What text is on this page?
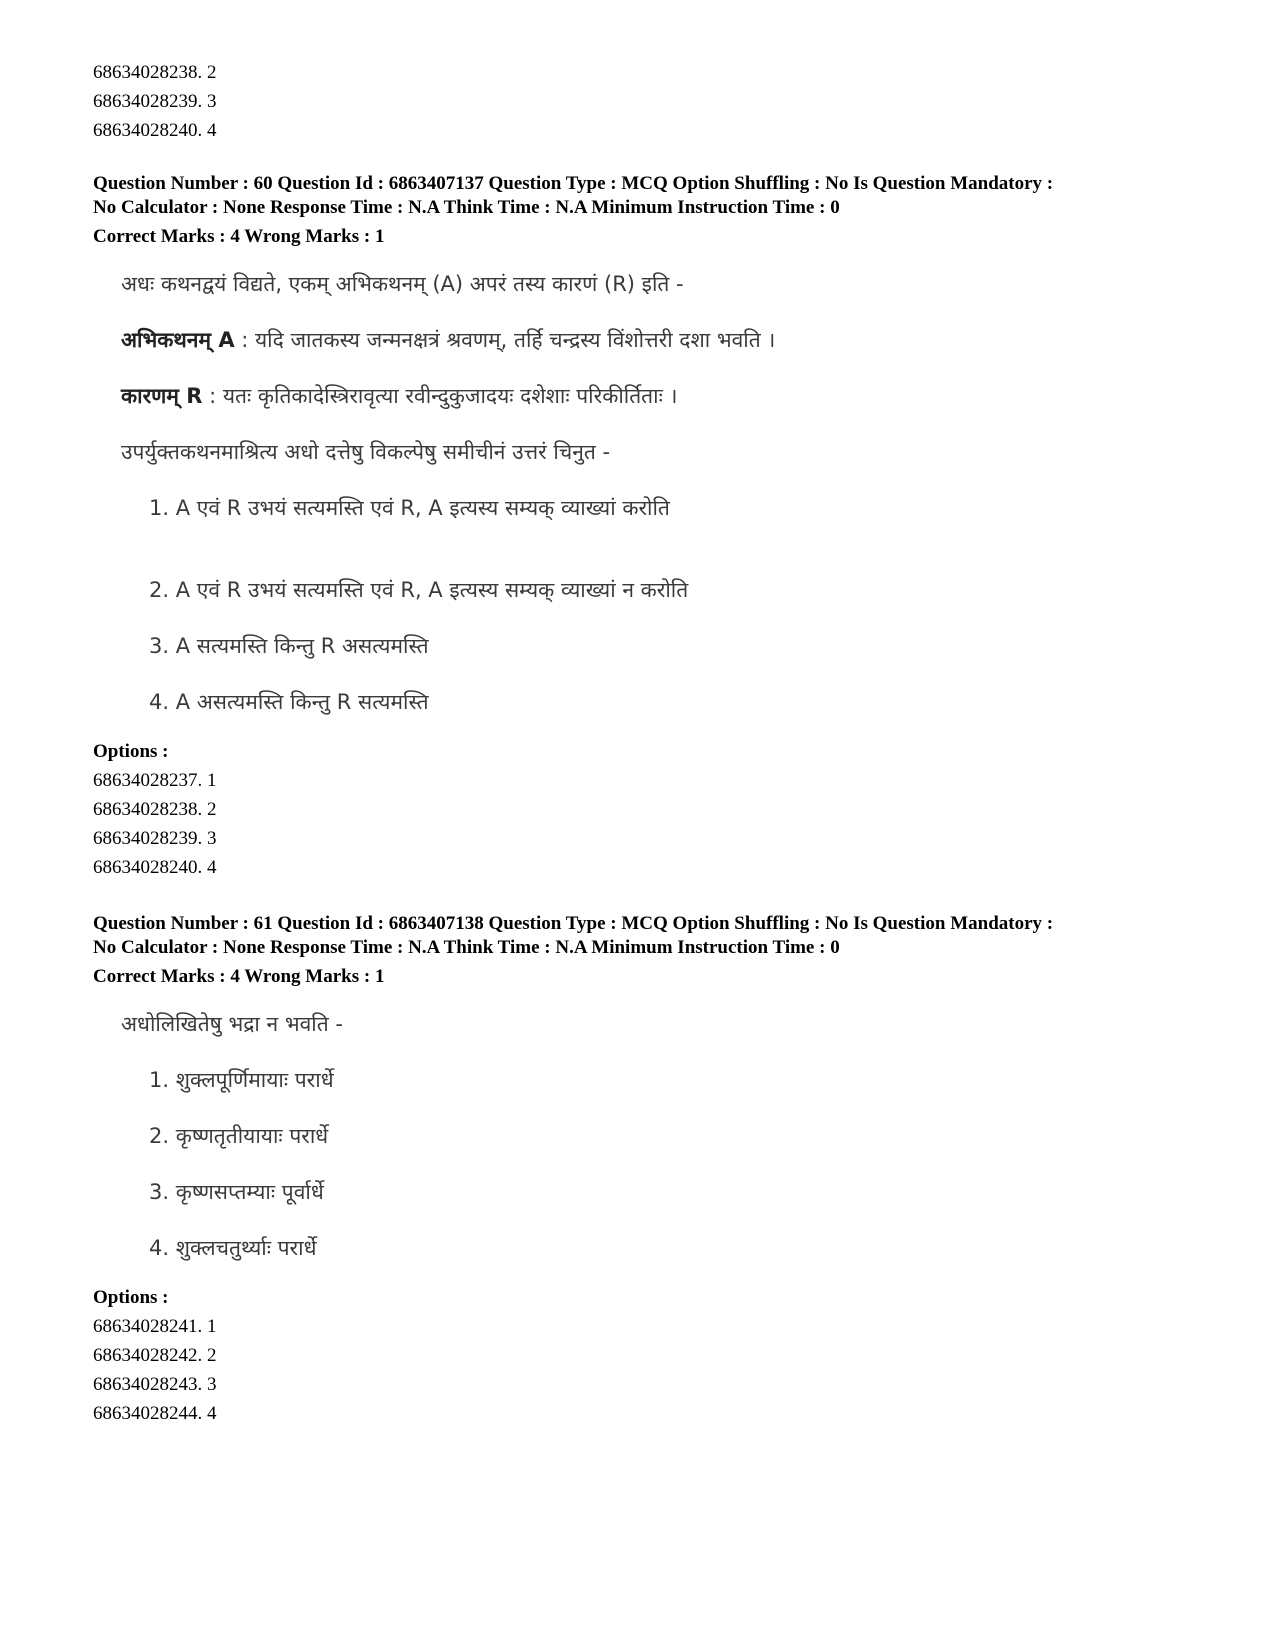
68634028238. 2
68634028239. 3
68634028240. 4
Question Number : 60 Question Id : 6863407137 Question Type : MCQ Option Shuffling : No Is Question Mandatory :
No Calculator : None Response Time : N.A Think Time : N.A Minimum Instruction Time : 0
Correct Marks : 4 Wrong Marks : 1
अधः कथनद्वयं विद्यते, एकम् अभिकथनम् (A) अपरं तस्य कारणं (R) इति -
अभिकथनम् A : यदि जातकस्य जन्मनक्षत्रं श्रवणम्, तर्हि चन्द्रस्य विंशोत्तरी दशा भवति ।
कारणम् R : यतः कृतिकादेस्त्रिरावृत्या रवीन्दुकुजादयः दशेशाः परिकीर्तिताः ।
उपर्युक्तकथनमाश्रित्य अधो दत्तेषु विकल्पेषु समीचीनं उत्तरं चिनुत -
1. A एवं R उभयं सत्यमस्ति एवं R, A इत्यस्य सम्यक् व्याख्यां करोति
2. A एवं R उभयं सत्यमस्ति एवं R, A इत्यस्य सम्यक् व्याख्यां न करोति
3. A सत्यमस्ति किन्तु R असत्यमस्ति
4. A असत्यमस्ति किन्तु R सत्यमस्ति
Options :
68634028237. 1
68634028238. 2
68634028239. 3
68634028240. 4
Question Number : 61 Question Id : 6863407138 Question Type : MCQ Option Shuffling : No Is Question Mandatory :
No Calculator : None Response Time : N.A Think Time : N.A Minimum Instruction Time : 0
Correct Marks : 4 Wrong Marks : 1
अधोलिखितेषु भद्रा न भवति -
1. शुक्लपूर्णिमायाः परार्धे
2. कृष्णतृतीयायाः परार्धे
3. कृष्णसप्तम्याः पूर्वार्धे
4. शुक्लचतुर्थ्याः परार्धे
Options :
68634028241. 1
68634028242. 2
68634028243. 3
68634028244. 4
